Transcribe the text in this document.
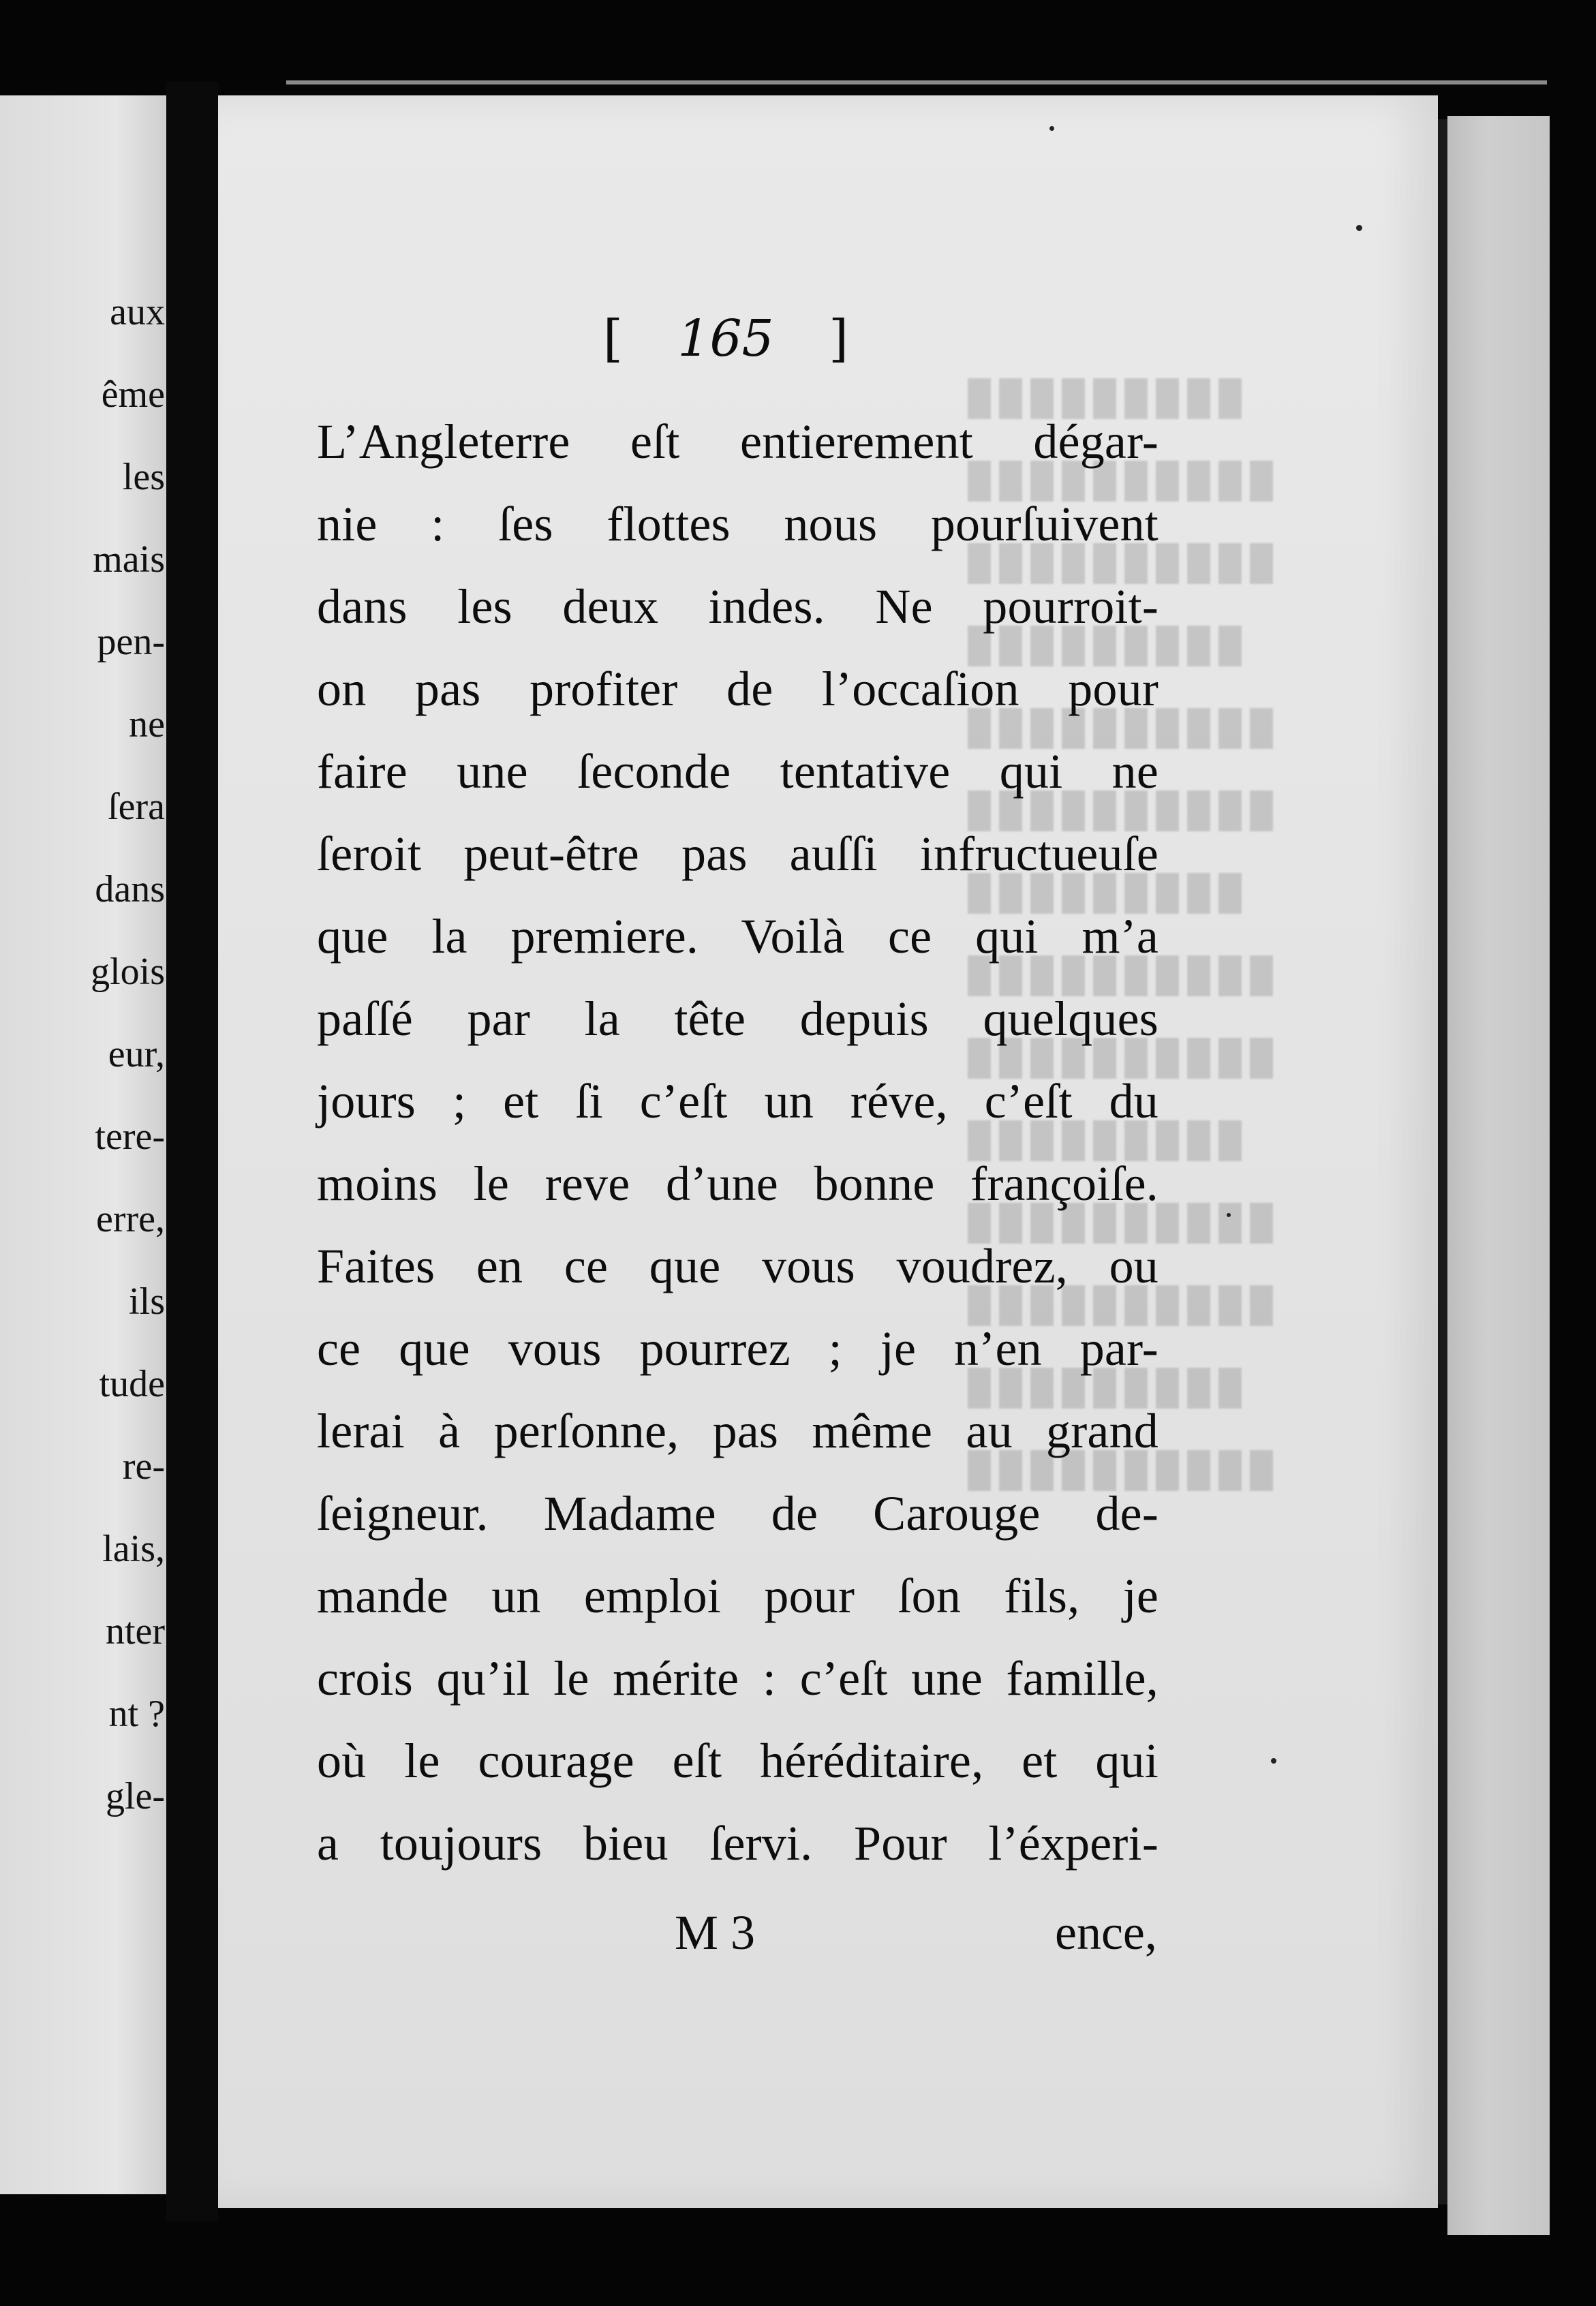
aux
ême
les
mais
pen-
ne
ſera
dans
glois
eur,
tere-
erre,
ils
tude
re-
lais,
nter
nt ?
gle-
[ 165 ]
L’Angleterre eſt entierement dégar-
nie : ſes flottes nous pourſuivent
dans les deux indes. Ne pourroit-
on pas profiter de l’occaſion pour
faire une ſeconde tentative qui ne
ſeroit peut-être pas auſſi infructueuſe
que la premiere. Voilà ce qui m’a
paſſé par la tête depuis quelques
jours ; et ſi c’eſt un réve, c’eſt du
moins le reve d’une bonne françoiſe.
Faites en ce que vous voudrez, ou
ce que vous pourrez ; je n’en par-
lerai à perſonne, pas même au grand
ſeigneur. Madame de Carouge de-
mande un emploi pour ſon fils, je
crois qu’il le mérite : c’eſt une famille,
où le courage eſt héréditaire, et qui
a toujours bieu ſervi. Pour l’éxperi-
M 3	ence,
